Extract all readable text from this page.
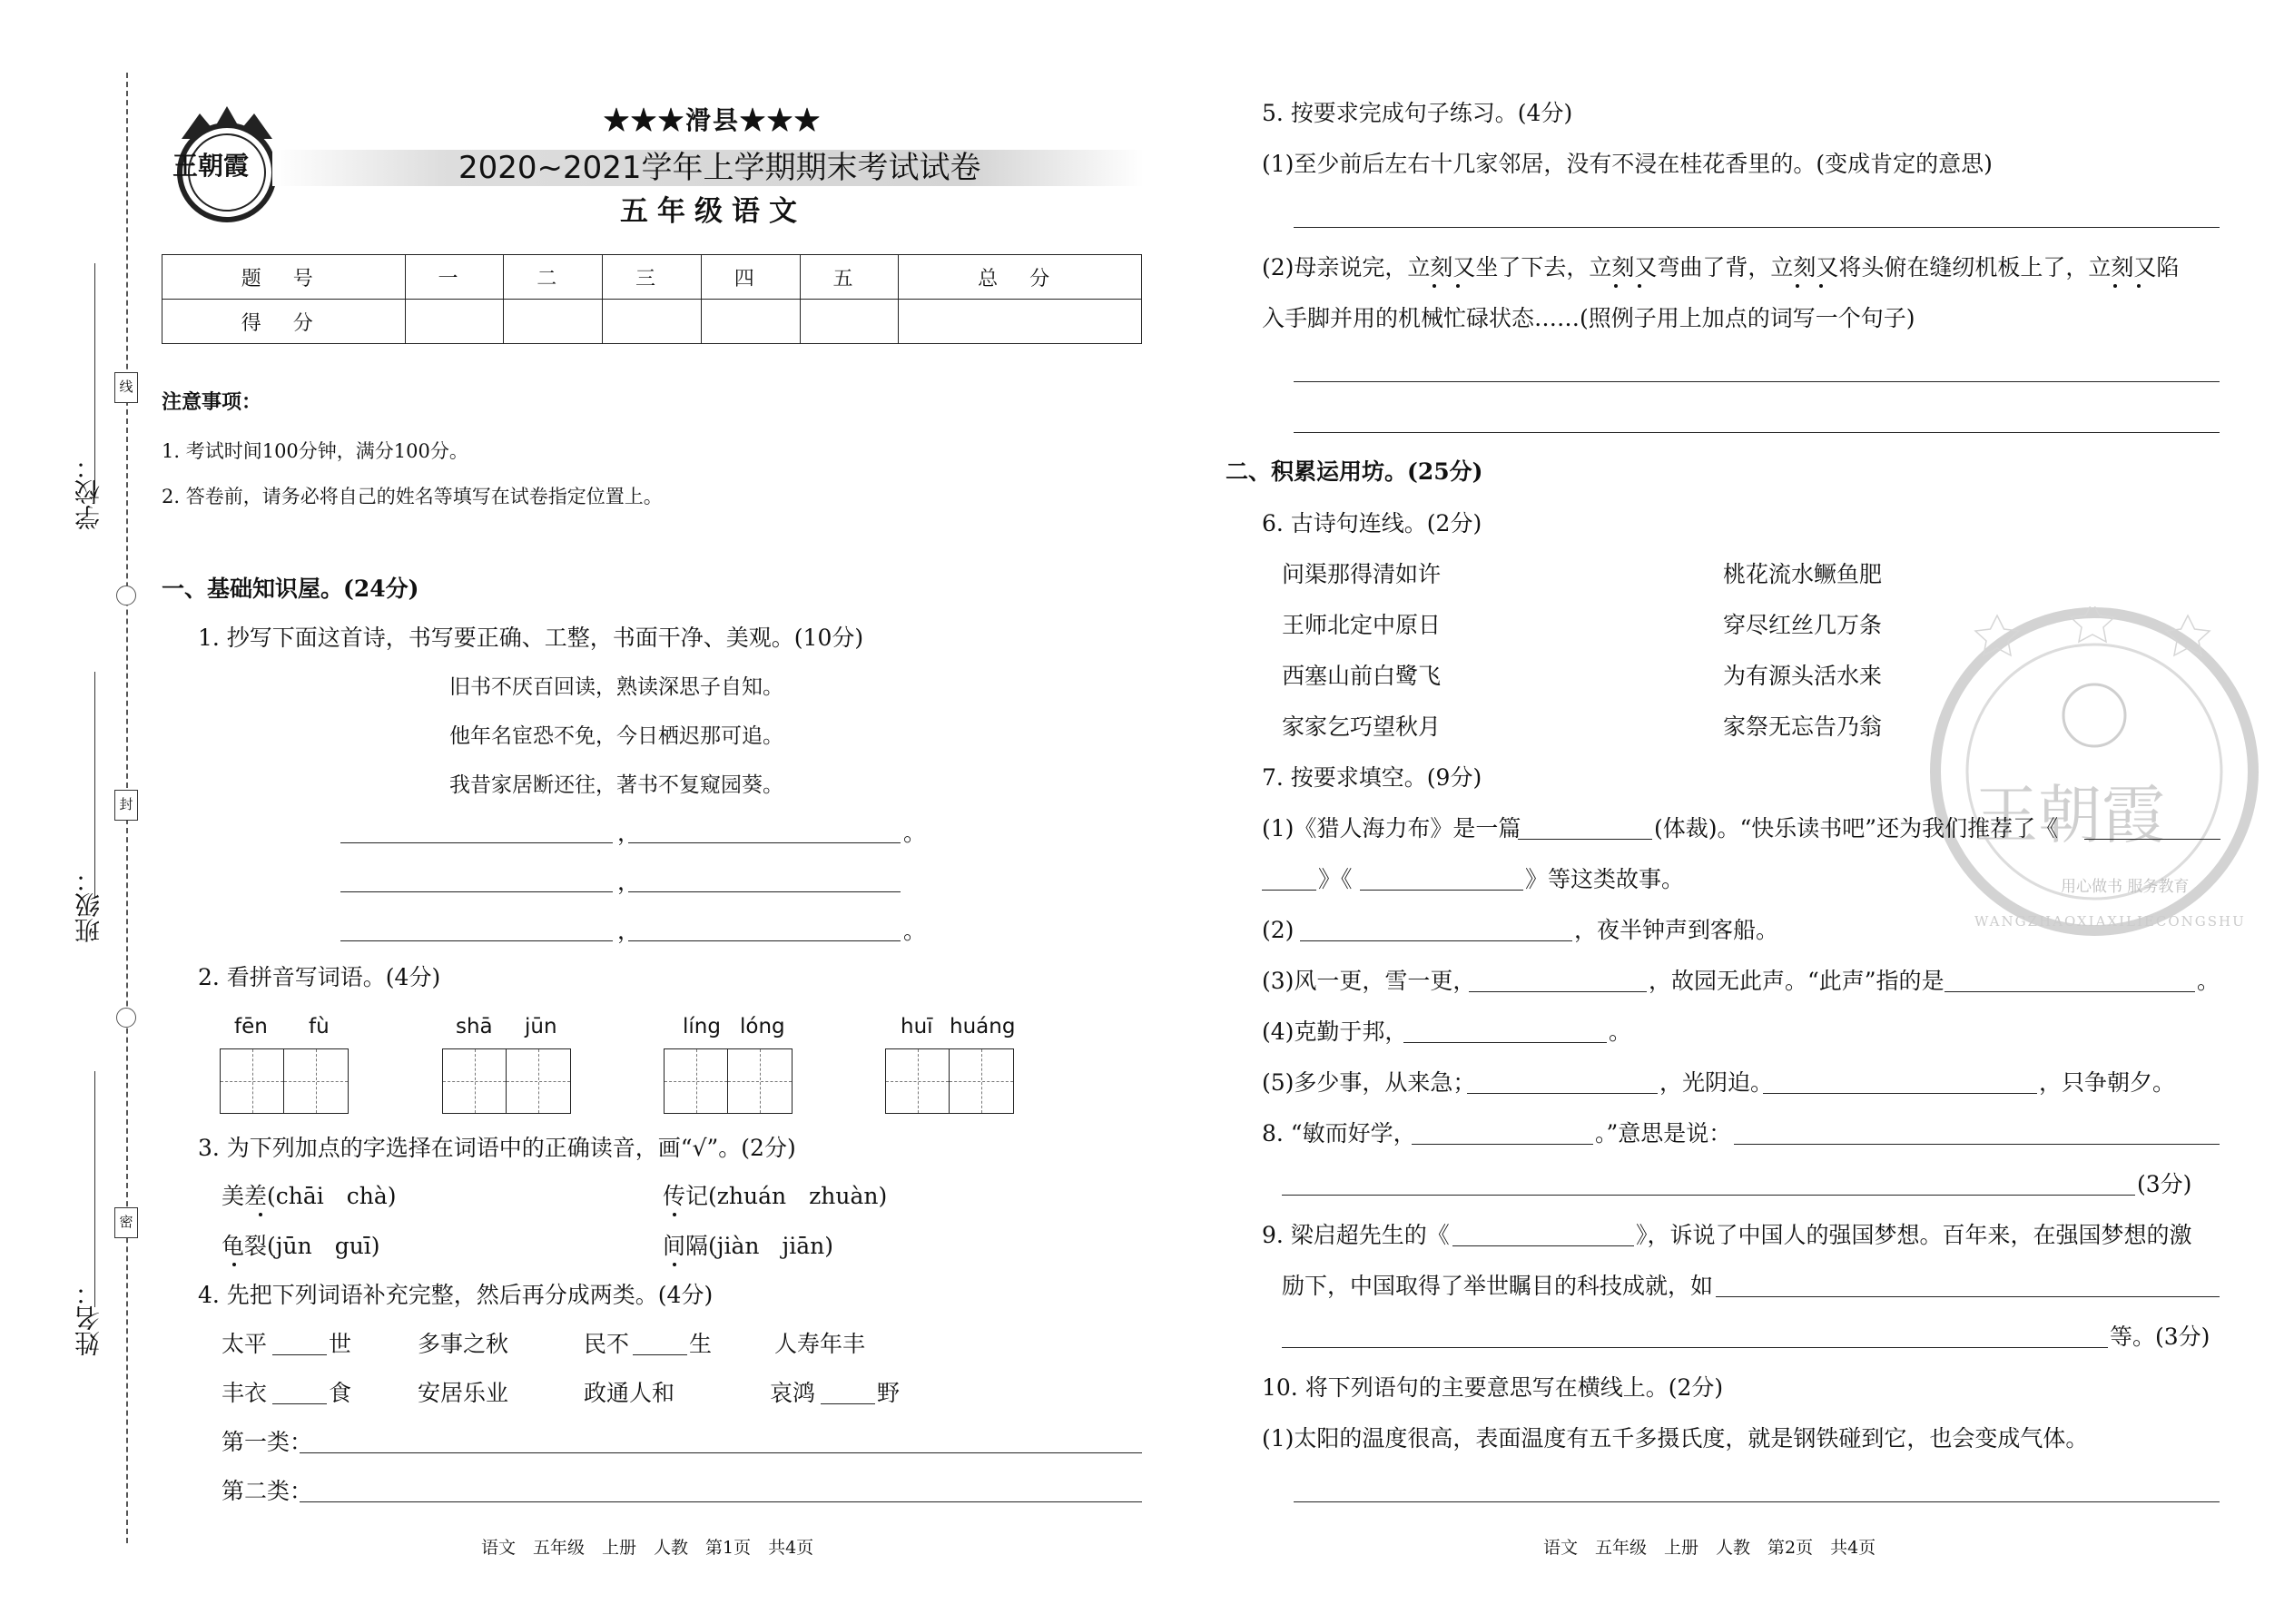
学校：
班级：
姓名：
线
封
密
王朝霞
★★★滑县★★★
2020~2021学年上学期期末考试试卷
五年级语文
题 号	一	二	三	四	五	总 分
得 分						
注意事项：
1. 考试时间100分钟，满分100分。
2. 答卷前，请务必将自己的姓名等填写在试卷指定位置上。
一、基础知识屋。(24分)
1. 抄写下面这首诗，书写要正确、工整，书面干净、美观。(10分)
旧书不厌百回读，熟读深思子自知。
他年名宦恐不免，今日栖迟那可追。
我昔家居断还往，著书不复窥园葵。
，	。
，
，	。
2. 看拼音写词语。(4分)
fēn fù	shā jūn	líng lóng	huī huáng
3. 为下列加点的字选择在词语中的正确读音，画“√”。(2分)
美差(chāi　chà)	传记(zhuán　zhuàn)
龟裂(jūn　guī)	间隔(jiàn　jiān)
4. 先把下列词语补充完整，然后再分成两类。(4分)
太平	世	多事之秋	民不	生	人寿年丰
丰衣	食	安居乐业	政通人和	哀鸿	野
第一类：
第二类：
语文　五年级　上册　人教　第1页　共4页
王朝霞
用心做书 服务教育
WANGZHAOXIAXILIECONGSHU
5. 按要求完成句子练习。(4分)
(1)至少前后左右十几家邻居，没有不浸在桂花香里的。(变成肯定的意思)
(2)母亲说完，立刻又坐了下去，立刻又弯曲了背，立刻又将头俯在缝纫机板上了，立刻又陷
入手脚并用的机械忙碌状态……(照例子用上加点的词写一个句子)
二、积累运用坊。(25分)
6. 古诗句连线。(2分)
问渠那得清如许
王师北定中原日
西塞山前白鹭飞
家家乞巧望秋月
桃花流水鳜鱼肥
穿尽红丝几万条
为有源头活水来
家祭无忘告乃翁
7. 按要求填空。(9分)
(1)《猎人海力布》是一篇	(体裁)。“快乐读书吧”还为我们推荐了《
》《	》等这类故事。
(2)	，夜半钟声到客船。
(3)风一更，雪一更，	，故园无此声。“此声”指的是	。
(4)克勤于邦，	。
(5)多少事，从来急；	，光阴迫。	，只争朝夕。
8. “敏而好学，	。”意思是说：
(3分)
9. 梁启超先生的《	》，诉说了中国人的强国梦想。百年来，在强国梦想的激
励下，中国取得了举世瞩目的科技成就，如
等。(3分)
10. 将下列语句的主要意思写在横线上。(2分)
(1)太阳的温度很高，表面温度有五千多摄氏度，就是钢铁碰到它，也会变成气体。
语文　五年级　上册　人教　第2页　共4页
